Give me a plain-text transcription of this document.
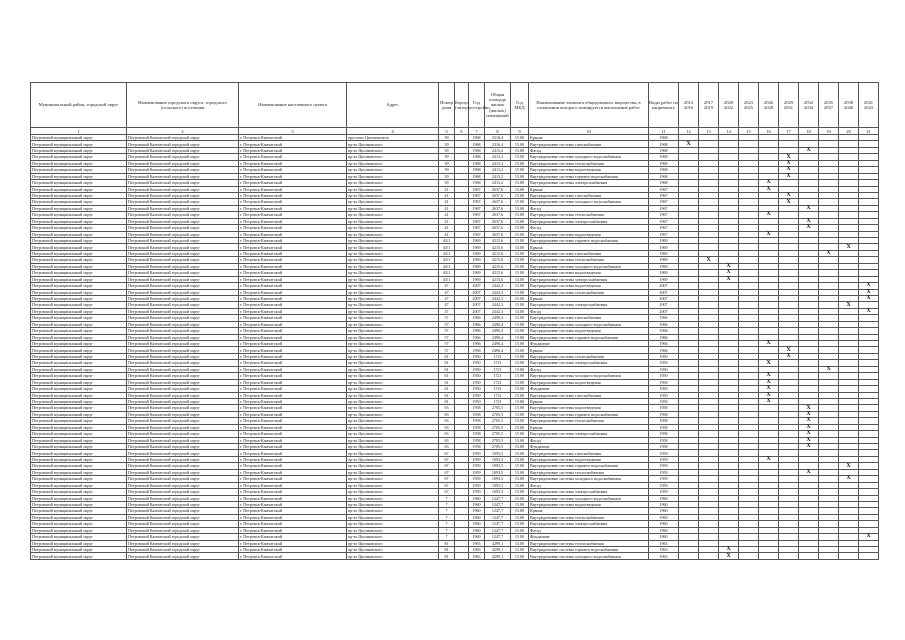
Муниципальный район, городской округ	Наименование городского округа, городского (сельского) поселения	Наименование населенного пункта	Адрес	Номер дома	Корпус (литер)	Год постройки	Общая площадь жилых (жилых) помещений	Год МКД	Наименование элемента общедомового имущества, в отношении которого планируется выполнение работ	Виды работ по капремонту	2014 2016	2017 2019	2020 2022	2023 2025	2026 2028	2029 2031	2032 2034	2035 2037	2038 2040	2041 2043
1	2	3	4	5	6	7	8	9	10	11	12	13	14	15	16	17	18	19	20	21
Петровский муниципальный округ	Петровский Камчатский городской округ	г. Петровск-Камчатский	проспект Циолковского	39		1968	2316,4	15.00	Крыша	1968										
Петровский муниципальный округ	Петровский Камчатский городской округ	г. Петровск-Камчатский	пр-кт Циолковского	39		1968	2316,4	15.00	Внутридомовые системы газоснабжения	1968	X									
Петровский муниципальный округ	Петровский Камчатский городской округ	г. Петровск-Камчатский	пр-кт Циолковского	39		1968	2413,2	15.00	Фасад	1968							X			
Петровский муниципальный округ	Петровский Камчатский городской округ	г. Петровск-Камчатский	пр-кт Циолковского	39		1968	2413,2	15.00	Внутридомовые системы холодного водоснабжения	1968						X				
Петровский муниципальный округ	Петровский Камчатский городской округ	г. Петровск-Камчатский	пр-кт Циолковского	39		1968	2413,2	15.00	Внутридомовые системы теплоснабжения	1968						X				
Петровский муниципальный округ	Петровский Камчатский городской округ	г. Петровск-Камчатский	пр-кт Циолковского	39		1968	2413,2	15.00	Внутридомовые системы водоотведения	1968						X				
Петровский муниципальный округ	Петровский Камчатский городской округ	г. Петровск-Камчатский	пр-кт Циолковского	39		1968	2413,2	15.00	Внутридомовые системы горячего водоснабжения	1968						X				
Петровский муниципальный округ	Петровский Камчатский городской округ	г. Петровск-Камчатский	пр-кт Циолковского	39		1968	2413,2	15.00	Внутридомовые системы электроснабжения	1968					X					
Петровский муниципальный округ	Петровский Камчатский городской округ	г. Петровск-Камчатский	пр-кт Циолковского	41		1967	2637,6	15.00	Крыша	1967					X					
Петровский муниципальный округ	Петровский Камчатский городской округ	г. Петровск-Камчатский	пр-кт Циолковского	41		1967	2637,6	15.00	Внутридомовые системы газоснабжения	1967						X				
Петровский муниципальный округ	Петровский Камчатский городской округ	г. Петровск-Камчатский	пр-кт Циолковского	41		1967	2637,6	15.00	Внутридомовые системы холодного водоснабжения	1967						X				
Петровский муниципальный округ	Петровский Камчатский городской округ	г. Петровск-Камчатский	пр-кт Циолковского	41		1967	2637,6	15.00	Фасад	1967							X			
Петровский муниципальный округ	Петровский Камчатский городской округ	г. Петровск-Камчатский	пр-кт Циолковского	41		1967	2637,6	15.00	Внутридомовые системы теплоснабжения	1967					X					
Петровский муниципальный округ	Петровский Камчатский городской округ	г. Петровск-Камчатский	пр-кт Циолковского	41		1967	2637,6	15.00	Внутридомовые системы электроснабжения	1967							X			
Петровский муниципальный округ	Петровский Камчатский городской округ	г. Петровск-Камчатский	пр-кт Циолковского	41		1967	2637,6	15.00	Фасад	1967							X			
Петровский муниципальный округ	Петровский Камчатский городской округ	г. Петровск-Камчатский	пр-кт Циолковского	41		1967	2637,6	15.00	Внутридомовые системы водоотведения	1967					X					
Петровский муниципальный округ	Петровский Камчатский городской округ	г. Петровск-Камчатский	пр-кт Циолковского	43/1		1969	4215,6	15.00	Внутридомовые системы горячего водоснабжения	1969										
Петровский муниципальный округ	Петровский Камчатский городской округ	г. Петровск-Камчатский	пр-кт Циолковского	43/1		1969	4215,6	15.00	Крыша	1969									X	
Петровский муниципальный округ	Петровский Камчатский городской округ	г. Петровск-Камчатский	пр-кт Циолковского	43/1		1969	4215,6	15.00	Внутридомовые системы газоснабжения	1969								X		
Петровский муниципальный округ	Петровский Камчатский городской округ	г. Петровск-Камчатский	пр-кт Циолковского	43/1		1969	4215,6	15.00	Внутридомовые системы теплоснабжения	1969		X								
Петровский муниципальный округ	Петровский Камчатский городской округ	г. Петровск-Камчатский	пр-кт Циолковского	43/1		1969	4215,6	15.00	Внутридомовые системы холодного водоснабжения	1969			X							
Петровский муниципальный округ	Петровский Камчатский городской округ	г. Петровск-Камчатский	пр-кт Циолковского	43/1		1969	4215,6	15.00	Внутридомовые системы водоотведения	1969			X							
Петровский муниципальный округ	Петровский Камчатский городской округ	г. Петровск-Камчатский	пр-кт Циолковского	43/1		1969	4215,6	15.00	Внутридомовые системы электроснабжения	1969			X							
Петровский муниципальный округ	Петровский Камчатский городской округ	г. Петровск-Камчатский	пр-кт Циолковского	47		2007	2442,3	15.00	Внутридомовые системы водоотведения	2007										X
Петровский муниципальный округ	Петровский Камчатский городской округ	г. Петровск-Камчатский	пр-кт Циолковского	47		2007	2442,3	15.00	Внутридомовые системы теплоснабжения	2007										X
Петровский муниципальный округ	Петровский Камчатский городской округ	г. Петровск-Камчатский	пр-кт Циолковского	47		2007	2442,3	15.00	Крыша	2007										X
Петровский муниципальный округ	Петровский Камчатский городской округ	г. Петровск-Камчатский	пр-кт Циолковского	47		2007	2442,3	15.00	Внутридомовые системы электроснабжения	2007									X	
Петровский муниципальный округ	Петровский Камчатский городской округ	г. Петровск-Камчатский	пр-кт Циолковского	47		2007	2442,3	15.00	Фасад	2007										X
Петровский муниципальный округ	Петровский Камчатский городской округ	г. Петровск-Камчатский	пр-кт Циолковского	57		1966	2490,4	15.00	Внутридомовые системы газоснабжения	1966										
Петровский муниципальный округ	Петровский Камчатский городской округ	г. Петровск-Камчатский	пр-кт Циолковского	57		1966	2490,4	15.00	Внутридомовые системы холодного водоснабжения	1966										
Петровский муниципальный округ	Петровский Камчатский городской округ	г. Петровск-Камчатский	пр-кт Циолковского	57		1966	2490,4	15.00	Внутридомовые системы водоотведения	1966										
Петровский муниципальный округ	Петровский Камчатский городской округ	г. Петровск-Камчатский	пр-кт Циолковского	57		1966	2490,4	15.00	Внутридомовые системы горячего водоснабжения	1966										
Петровский муниципальный округ	Петровский Камчатский городской округ	г. Петровск-Камчатский	пр-кт Циолковского	57		1966	2490,4	15.00	Фундамент	1966					X					
Петровский муниципальный округ	Петровский Камчатский городской округ	г. Петровск-Камчатский	пр-кт Циолковского	57		1966	2490,4	15.00	Крыша	1966						X				
Петровский муниципальный округ	Петровский Камчатский городской округ	г. Петровск-Камчатский	пр-кт Циолковского	61		1950	1721	15.00	Внутридомовые системы теплоснабжения	1950						X				
Петровский муниципальный округ	Петровский Камчатский городской округ	г. Петровск-Камчатский	пр-кт Циолковского	61		1950	1721	15.00	Внутридомовые системы электроснабжения	1950					X					
Петровский муниципальный округ	Петровский Камчатский городской округ	г. Петровск-Камчатский	пр-кт Циолковского	61		1950	1721	15.00	Фасад	1950								X		
Петровский муниципальный округ	Петровский Камчатский городской округ	г. Петровск-Камчатский	пр-кт Циолковского	61		1950	1721	15.00	Внутридомовые системы холодного водоснабжения	1950					X					
Петровский муниципальный округ	Петровский Камчатский городской округ	г. Петровск-Камчатский	пр-кт Циолковского	61		1950	1721	15.00	Внутридомовые системы водоотведения	1950					X					
Петровский муниципальный округ	Петровский Камчатский городской округ	г. Петровск-Камчатский	пр-кт Циолковского	61		1950	1721	15.00	Фундамент	1950					X					
Петровский муниципальный округ	Петровский Камчатский городской округ	г. Петровск-Камчатский	пр-кт Циолковского	61		1950	1721	15.00	Внутридомовые системы газоснабжения	1950					X					
Петровский муниципальный округ	Петровский Камчатский городской округ	г. Петровск-Камчатский	пр-кт Циолковского	61		1950	1721	15.00	Крыша	1950					X					
Петровский муниципальный округ	Петровский Камчатский городской округ	г. Петровск-Камчатский	пр-кт Циолковского	63		1958	2705,5	15.00	Внутридомовые системы водоотведения	1958							X			
Петровский муниципальный округ	Петровский Камчатский городской округ	г. Петровск-Камчатский	пр-кт Циолковского	63		1958	2705,5	15.00	Внутридомовые системы горячего водоснабжения	1958							X			
Петровский муниципальный округ	Петровский Камчатский городской округ	г. Петровск-Камчатский	пр-кт Циолковского	63		1958	2705,5	15.00	Внутридомовые системы теплоснабжения	1958							X			
Петровский муниципальный округ	Петровский Камчатский городской округ	г. Петровск-Камчатский	пр-кт Циолковского	63		1958	2705,5	15.00	Крыша	1958							X			
Петровский муниципальный округ	Петровский Камчатский городской округ	г. Петровск-Камчатский	пр-кт Циолковского	63		1958	2705,5	15.00	Внутридомовые системы электроснабжения	1958							X			
Петровский муниципальный округ	Петровский Камчатский городской округ	г. Петровск-Камчатский	пр-кт Циолковского	63		1958	2705,5	15.00	Фасад	1958							X			
Петровский муниципальный округ	Петровский Камчатский городской округ	г. Петровск-Камчатский	пр-кт Циолковского	63		1958	2705,5	15.00	Фундамент	1958							X			
Петровский муниципальный округ	Петровский Камчатский городской округ	г. Петровск-Камчатский	пр-кт Циолковского	67		1959	1093,5	15.00	Внутридомовые системы газоснабжения	1959										
Петровский муниципальный округ	Петровский Камчатский городской округ	г. Петровск-Камчатский	пр-кт Циолковского	67		1959	1093,5	15.00	Внутридомовые системы водоотведения	1959					X					
Петровский муниципальный округ	Петровский Камчатский городской округ	г. Петровск-Камчатский	пр-кт Циолковского	67		1959	1093,5	15.00	Внутридомовые системы горячего водоснабжения	1959									X	
Петровский муниципальный округ	Петровский Камчатский городской округ	г. Петровск-Камчатский	пр-кт Циолковского	67		1959	1093,5	15.00	Внутридомовые системы теплоснабжения	1959							X			
Петровский муниципальный округ	Петровский Камчатский городской округ	г. Петровск-Камчатский	пр-кт Циолковского	67		1959	1093,5	15.00	Внутридомовые системы холодного водоснабжения	1959									X	
Петровский муниципальный округ	Петровский Камчатский городской округ	г. Петровск-Камчатский	пр-кт Циолковского	67		1959	1093,5	15.00	Фасад	1959										
Петровский муниципальный округ	Петровский Камчатский городской округ	г. Петровск-Камчатский	пр-кт Циолковского	67		1959	1093,5	15.00	Внутридомовые системы электроснабжения	1959										
Петровский муниципальный округ	Петровский Камчатский городской округ	г. Петровск-Камчатский	пр-кт Циолковского	7		1960	1247,7	15.00	Внутридомовые системы холодного водоснабжения	1960										
Петровский муниципальный округ	Петровский Камчатский городской округ	г. Петровск-Камчатский	пр-кт Циолковского	7		1960	1247,7	15.00	Внутридомовые системы водоотведения	1960										
Петровский муниципальный округ	Петровский Камчатский городской округ	г. Петровск-Камчатский	пр-кт Циолковского	7		1960	1247,7	15.00	Крыша	1960										
Петровский муниципальный округ	Петровский Камчатский городской округ	г. Петровск-Камчатский	пр-кт Циолковского	7		1960	1247,7	15.00	Внутридомовые системы теплоснабжения	1960										
Петровский муниципальный округ	Петровский Камчатский городской округ	г. Петровск-Камчатский	пр-кт Циолковского	7		1960	1247,7	15.00	Внутридомовые системы электроснабжения	1960										
Петровский муниципальный округ	Петровский Камчатский городской округ	г. Петровск-Камчатский	пр-кт Циолковского	7		1960	1247,7	15.00	Фасад	1960										
Петровский муниципальный округ	Петровский Камчатский городской округ	г. Петровск-Камчатский	пр-кт Циолковского	7		1960	1247,7	15.00	Фундамент	1960										X
Петровский муниципальный округ	Петровский Камчатский городской округ	г. Петровск-Камчатский	пр-кт Циолковского	81		1963	4299,1	15.00	Внутридомовые системы теплоснабжения	1963										
Петровский муниципальный округ	Петровский Камчатский городской округ	г. Петровск-Камчатский	пр-кт Циолковского	81		1963	4299,1	15.00	Внутридомовые системы горячего водоснабжения	1963			X							
Петровский муниципальный округ	Петровский Камчатский городской округ	г. Петровск-Камчатский	пр-кт Циолковского	81		1963	4299,1	15.00	Внутридомовые системы холодного водоснабжения	1963			X							
